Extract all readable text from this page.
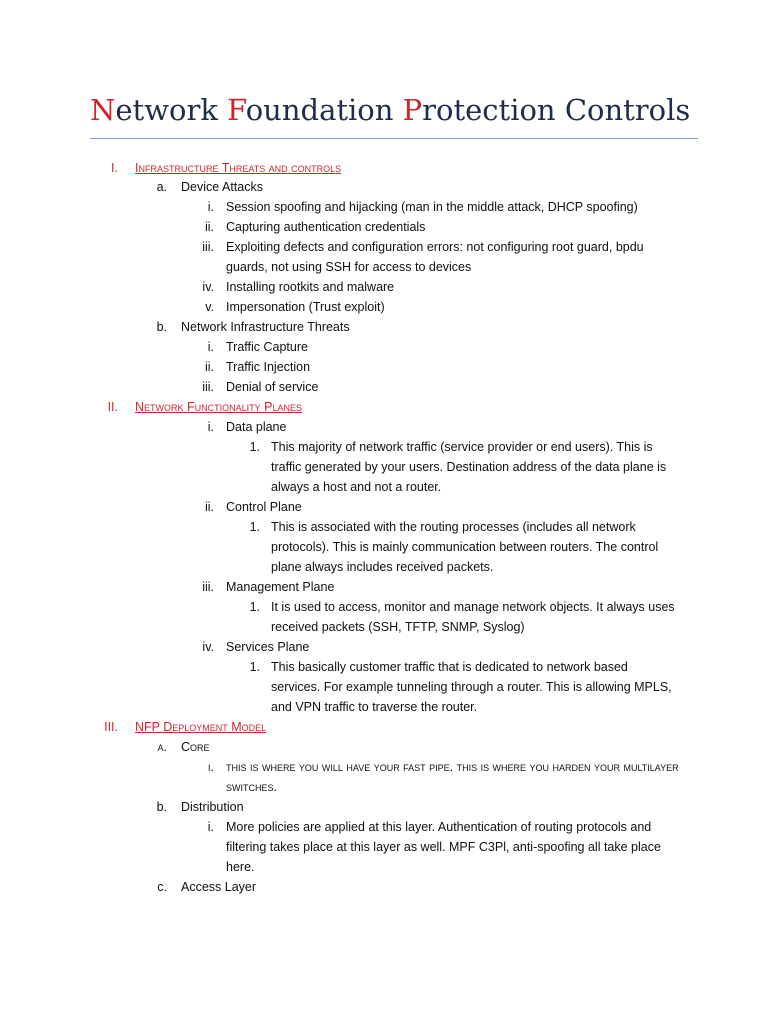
Network Foundation Protection Controls
I. Infrastructure Threats and controls
a. Device Attacks
i. Session spoofing and hijacking (man in the middle attack, DHCP spoofing)
ii. Capturing authentication credentials
iii. Exploiting defects and configuration errors: not configuring root guard, bpdu
guards, not using SSH for access to devices
iv. Installing rootkits and malware
v. Impersonation (Trust exploit)
b. Network Infrastructure Threats
i. Traffic Capture
ii. Traffic Injection
iii. Denial of service
II. Network Functionality Planes
i. Data plane
1. This majority of network traffic (service provider or end users). This is
traffic generated by your users. Destination address of the data plane is
always a host and not a router.
ii. Control Plane
1. This is associated with the routing processes (includes all network
protocols). This is mainly communication between routers. The control
plane always includes received packets.
iii. Management Plane
1. It is used to access, monitor and manage network objects. It always uses
received packets (SSH, TFTP, SNMP, Syslog)
iv. Services Plane
1. This basically customer traffic that is dedicated to network based
services. For example tunneling through a router. This is allowing MPLS,
and VPN traffic to traverse the router.
III. NFP Deployment Model
a. Core
i. this is where you will have your fast pipe. this is where you harden your multilayer
switches.
b. Distribution
i. More policies are applied at this layer. Authentication of routing protocols and
filtering takes place at this layer as well. MPF C3Pl, anti-spoofing all take place
here.
c. Access Layer
